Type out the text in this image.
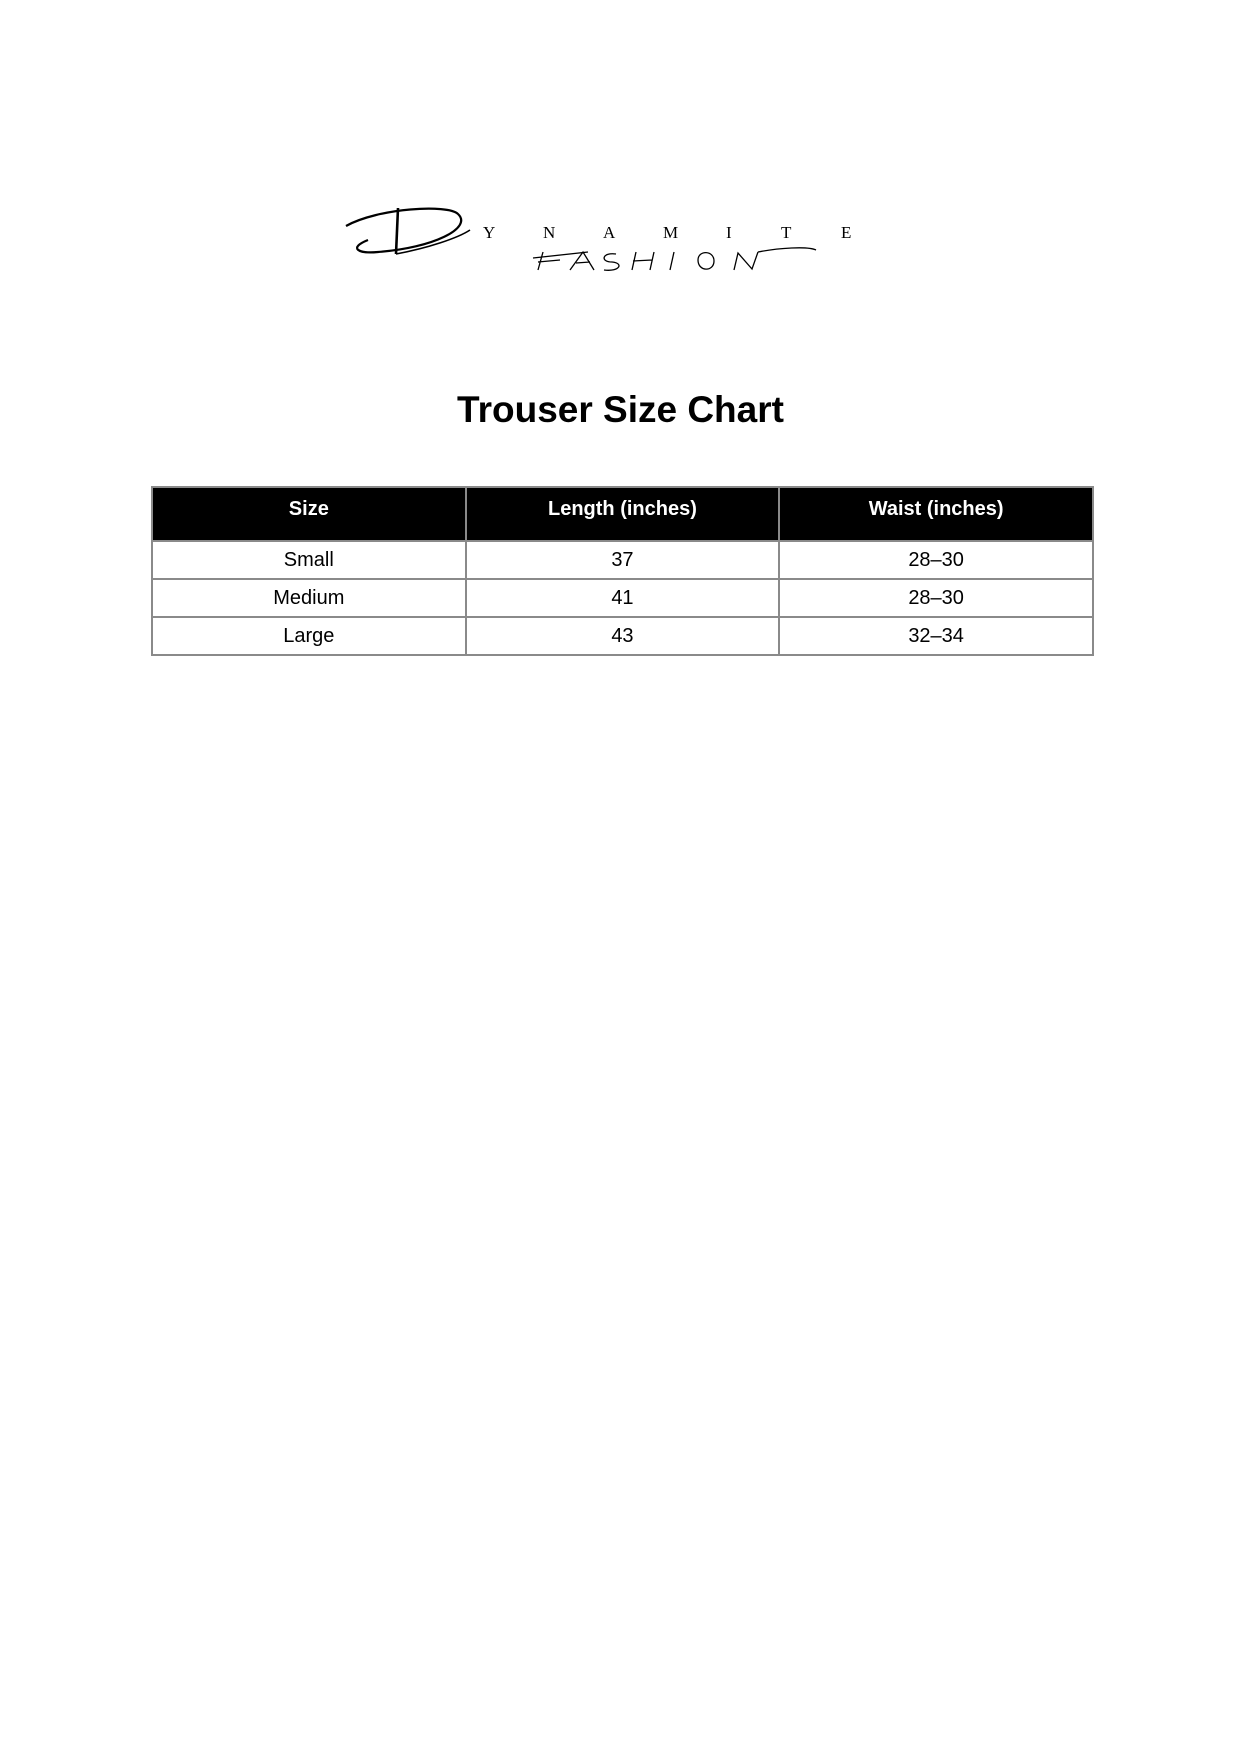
Y	N	A	M	I	T	E
Trouser Size Chart
Size	Length (inches)	Waist (inches)
Small	37	28–30
Medium	41	28–30
Large	43	32–34
